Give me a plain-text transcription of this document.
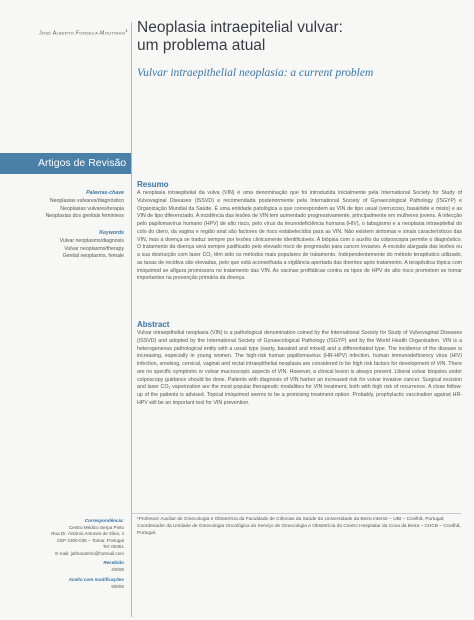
José Alberto Fonseca-Moutinho$^1$ Neoplasia intraepitelial vulvar:
um problema atual
Vulvar intraepithelial neoplasia: a current problem
Artigos de Revisão
Palavras-chave
Neoplasias vulvares/diagnóstico
Neoplasias vulvares/terapia
Neoplasias dos genitais femininos
Keywords
Vulvar neoplasms/diagnosis
Vulvar neoplasms/therapy
Genital neoplasms, female
Resumo
A neoplasia intraepitelial da vulva (VIN) é uma denominação que foi introduzida inicialmente pela International Society for Study of Vulvovaginal Diseases (ISSVD) e recomendada posteriormente pela International Society of Gynaecological Pathology (ISGYP) e Organização Mundial da Saúde. É uma entidade patológica a que correspondem as VIN de tipo usual (verrucoso, basalóide e misto) e as VIN de tipo diferenciado. A incidência das lesões de VIN tem aumentado progressivamente, principalmente em mulheres jovens. A infecção pelo papilomavírus humano (HPV) de alto risco, pelo vírus da imunodeficiência humana (HIV), o tabagismo e a neoplasia intraepitelial do colo do útero, da vagina e região anal são factores de risco estabelecidos para as VIN. Não existem sintomas e sinais característicos das VIN, mas a doença se traduz sempre por lesões clinicamente identificáveis. A biópsia com o auxílio da colposcopia permite o diagnóstico. O tratamento da doença será sempre justificado pelo elevado risco de progressão para cancro invasivo. A excisão alargada das lesões ou a sua destruição com laser CO₂ têm sido os métodos mais populares de tratamento. Independentemente do método terapêutico utilizado, as taxas de recidiva são elevadas, pelo que está aconselhada a vigilância apertada das doentes após tratamento. A terapêutica tópica com imiquimod se afigura promissora no tratamento das VIN. As vacinas profiláticas contra os tipos de HPV de alto risco prometem se tornar importantes na prevenção primária da doença.
Abstract
Vulvar intraepithelial neoplasia (VIN) is a pathological denomination coined by the International Society for Study of Vulvovaginal Diseases (ISSVD) and adopted by the International Society of Gynaecological Pathology (ISGYP) and by the World Health Organization. VIN is a heterogeneous pathological entity with a usual type (warty, basaloid and mixed) and a differentiated type. The incidence of the disease is increasing, especially in young women. The high-risk human papillomavirus (HR-HPV) infection, human immunodeficiency virus (HIV) infection, smoking, cervical, vaginal and rectal intraepithelial neoplasia are considered to be high risk factors for development of VIN. There are no specific symptoms or vulvar macroscopic aspects of VIN. However, a clinical lesion is always present. Liberal vulvar biopsies under colposcopy guidance should be done. Patients with diagnosis of VIN harbor an increased risk for vulvar invasive cancer. Surgical excision and laser CO₂ vaporization are the most popular therapeutic modalities for VIN treatment, both with high risk of recurrence. A close follow-up of the patients is advised. Topical imiquimod seems to be a promising treatment option. Probably, prophylactic vaccination against HR-HPV will be an important tool for VIN prevention.
¹Professor Auxiliar de Ginecologia e Obstetrícia da Faculdade de Ciências da Saúde da Universidade da Beira Interior – UBI – Covilhã, Portugal; Coordenador da Unidade de Ginecologia Oncológica do Serviço de Ginecologia e Obstetrícia do Centro Hospitalar da Cova da Beira – CHCB – Covilhã, Portugal.
Correspondência:
Centro Médico Serpa Pinto
Rua Dr. António Antunes de Silva, 4
CEP 2300-035 – Tomar, Portugal
Tel: 00351
E-mail: jafmoutinho@hotmail.com
Recebido
4/9/08
Aceito com modificações
9/9/08
